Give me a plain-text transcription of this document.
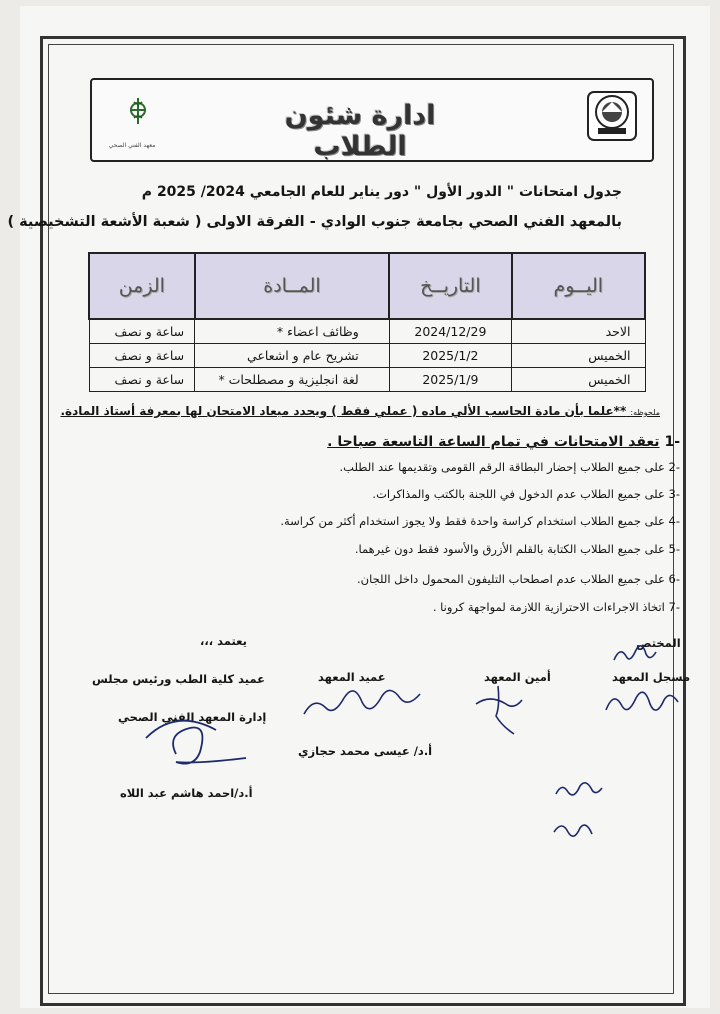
معهد الفني الصحي
ادارة شئون الطلاب
جدول امتحانات " الدور الأول " دور يناير للعام الجامعي 2024/ 2025 م
بالمعهد الفني الصحي بجامعة جنوب الوادي - الفرقة الاولى ( شعبة الأشعة التشخيصية )
اليــوم	التاريــخ	المــادة	الزمن
الاحد	2024/12/29	وظائف اعضاء *	ساعة و نصف
الخميس	2025/1/2	تشريح عام و اشعاعي	ساعة و نصف
الخميس	2025/1/9	لغة انجليزية و مصطلحات *	ساعة و نصف
ملحوظه: **علما بأن مادة الحاسب الألي ماده ( عملي فقط ) ويحدد ميعاد الامتحان لها بمعرفة أستاذ المادة.
-1 تعقد الامتحانات في تمام الساعة التاسعة صباحا .
-2 على جميع الطلاب إحضار البطاقة الرقم القومى وتقديمها عند الطلب.
-3 على جميع الطلاب عدم الدخول في اللجنة بالكتب والمذاكرات.
-4 على جميع الطلاب استخدام كراسة واحدة فقط ولا يجوز استخدام أكثر من كراسة.
-5 على جميع الطلاب الكتابة بالقلم الأزرق والأسود فقط دون غيرهما.
-6 على جميع الطلاب عدم اصطحاب التليفون المحمول داخل اللجان.
-7 اتخاذ الاجراءات الاحترازية اللازمة لمواجهة كرونا .
يعتمد ،،،	المختص
مسجل المعهد
أمين المعهد
عميد المعهد
عميد كلية الطب ورئيس مجلس
إدارة المعهد الفني الصحي
أ.د/ عيسى محمد حجازي
أ.د/احمد هاشم عبد اللاه
